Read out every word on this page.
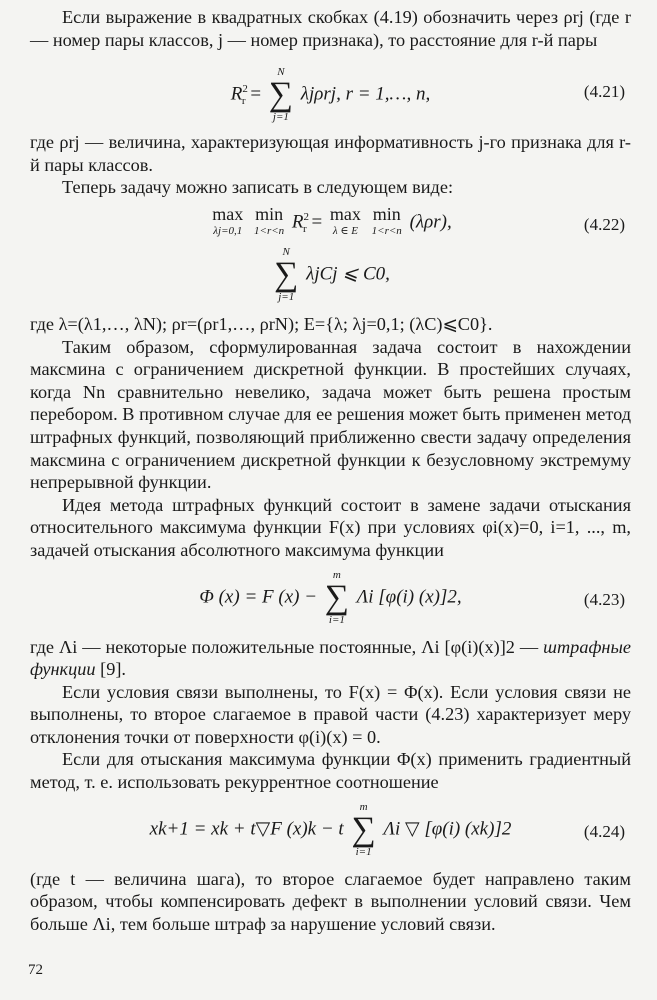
Если выражение в квадратных скобках (4.19) обозначить через ρrj (где r — номер пары классов, j — номер признака), то расстояние для r-й пары

$R^2_r$ =
N
∑
j=1
λjρrj, r = 1,…, n,	(4.21)

где ρrj — величина, характеризующая информативность j-го признака для r-й пары классов.

Теперь задачу можно записать в следующем виде:

max
λj=0,1

min
1<r<n $R^2_r = \max$
λ ∈ E

min
1<r<n (λρr),	(4.22)
N
∑
j=1
λjCj ⩽ C0,

где λ=(λ1,…, λN); ρr=(ρr1,…, ρrN); E={λ; λj=0,1; (λC)⩽C0}.

Таким образом, сформулированная задача состоит в нахождении максмина с ограничением дискретной функции. В простейших случаях, когда Nn сравнительно невелико, задача может быть решена простым перебором. В противном случае для ее решения может быть применен метод штрафных функций, позволяющий приближенно свести задачу определения максмина с ограничением дискретной функции к безусловному экстремуму непрерывной функции.

Идея метода штрафных функций состоит в замене задачи отыскания относительного максимума функции F(x) при условиях φi(x)=0, i=1, ..., m, задачей отыскания абсолютного максимума функции

Φ (x) = F (x) −
m
∑
i=1
Λi [φ(i) (x)]2,	(4.23)

где Λi — некоторые положительные постоянные, Λi [φ(i)(x)]2 — штрафные функции [9].

Если условия связи выполнены, то F(x) = Φ(x). Если условия связи не выполнены, то второе слагаемое в правой части (4.23) характеризует меру отклонения точки от поверхности φ(i)(x) = 0.

Если для отыскания максимума функции Φ(x) применить градиентный метод, т. е. использовать рекуррентное соотношение

xk+1 = xk + t▽F (x)k − t
m
∑
i=1
Λi ▽ [φ(i) (xk)]2	(4.24)

(где t — величина шага), то второе слагаемое будет направлено таким образом, чтобы компенсировать дефект в выполнении условий связи. Чем больше Λi, тем больше штраф за нарушение условий связи.

72
